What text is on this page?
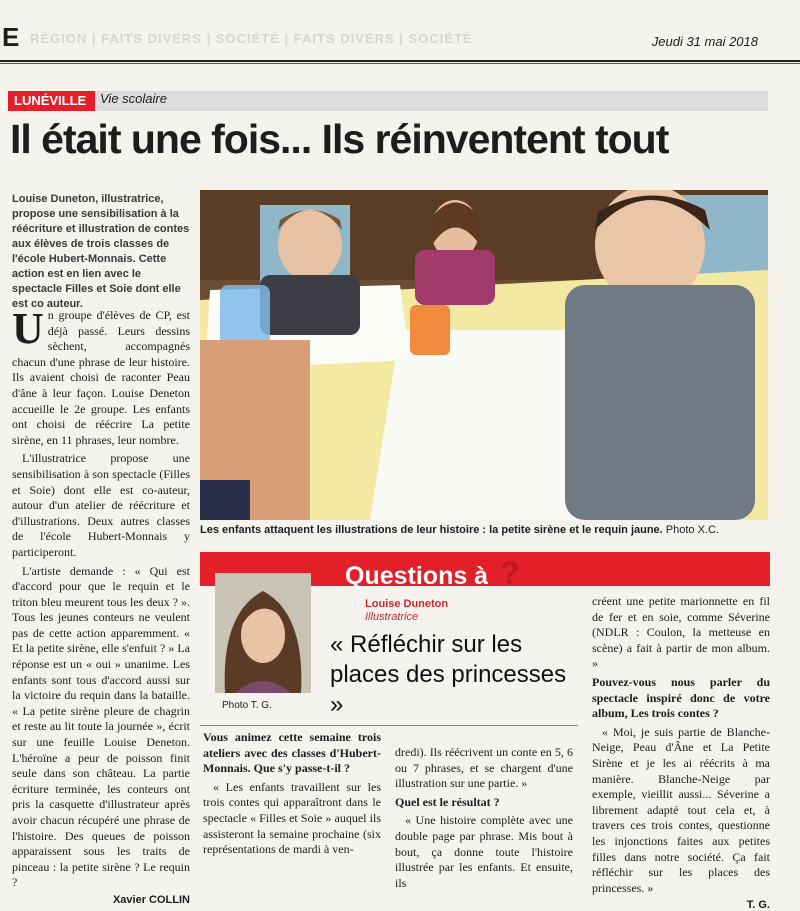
E RÉGION | FAITS DIVERS | SOCIÉTÉ | FAITS DIVERS | SOCIÉTÉ	Jeudi 31 mai 2018
LUNÉVILLE	Vie scolaire
Il était une fois... Ils réinventent tout
Louise Duneton, illustratrice, propose une sensibilisation à la réécriture et illustration de contes aux élèves de trois classes de l'école Hubert-Monnais. Cette action est en lien avec le spectacle Filles et Soie dont elle est co auteur.
U n groupe d'élèves de CP, est déjà passé. Leurs dessins sèchent, accompagnés chacun d'une phrase de leur histoire. Ils avaient choisi de raconter Peau d'âne à leur façon. Louise Deneton accueille le 2e groupe. Les enfants ont choisi de réécrire La petite sirène, en 11 phrases, leur nombre.

L'illustratrice propose une sensibilisation à son spectacle (Filles et Soie) dont elle est co-auteur, autour d'un atelier de réécriture et d'illustrations. Deux autres classes de l'école Hubert-Monnais y participeront.

L'artiste demande : « Qui est d'accord pour que le requin et le triton bleu meurent tous les deux ? ». Tous les jeunes conteurs ne veulent pas de cette action apparemment. « Et la petite sirène, elle s'enfuit ? » La réponse est un « oui » unanime. Les enfants sont tous d'accord aussi sur la victoire du requin dans la bataille. « La petite sirène pleure de chagrin et reste au lit toute la journée », écrit sur une feuille Louise Deneton. L'héroïne a peur de poisson finit seule dans son château. La partie écriture terminée, les conteurs ont pris la casquette d'illustrateur après avoir chacun récupéré une phrase de l'histoire. Des queues de poisson apparaissent sous les traits de pinceau : la petite sirène ? Le requin ?

Xavier COLLIN
Les enfants attaquent les illustrations de leur histoire : la petite sirène et le requin jaune. Photo X.C.
Questions à ?
Louise Duneton
Illustratrice
« Réfléchir sur les places des princesses »
Photo T. G.

Vous animez cette semaine trois ateliers avec des classes d'Hubert-Monnais. Que s'y passe-t-il ?

« Les enfants travaillent sur les trois contes qui apparaîtront dans le spectacle « Filles et Soie » auquel ils assisteront la semaine prochaine (six représentations de mardi à ven-

dredi). Ils réécrivent un conte en 5, 6 ou 7 phrases, et se chargent d'une illustration sur une partie. »

Quel est le résultat ?

« Une histoire complète avec une double page par phrase. Mis bout à bout, ça donne toute l'histoire illustrée par les enfants. Et ensuite, ils

créent une petite marionnette en fil de fer et en soie, comme Séverine (NDLR : Coulon, la metteuse en scène) a fait à partir de mon album. »

Pouvez-vous nous parler du spectacle inspiré donc de votre album, Les trois contes ?

« Moi, je suis partie de Blanche-Neige, Peau d'Âne et La Petite Sirène et je les ai réécrits à ma manière. Blanche-Neige par exemple, vieillit aussi... Séverine a librement adapté tout cela et, à travers ces trois contes, questionne les injonctions faites aux petites filles dans notre société. Ça fait réfléchir sur les places des princesses. »

T. G.
